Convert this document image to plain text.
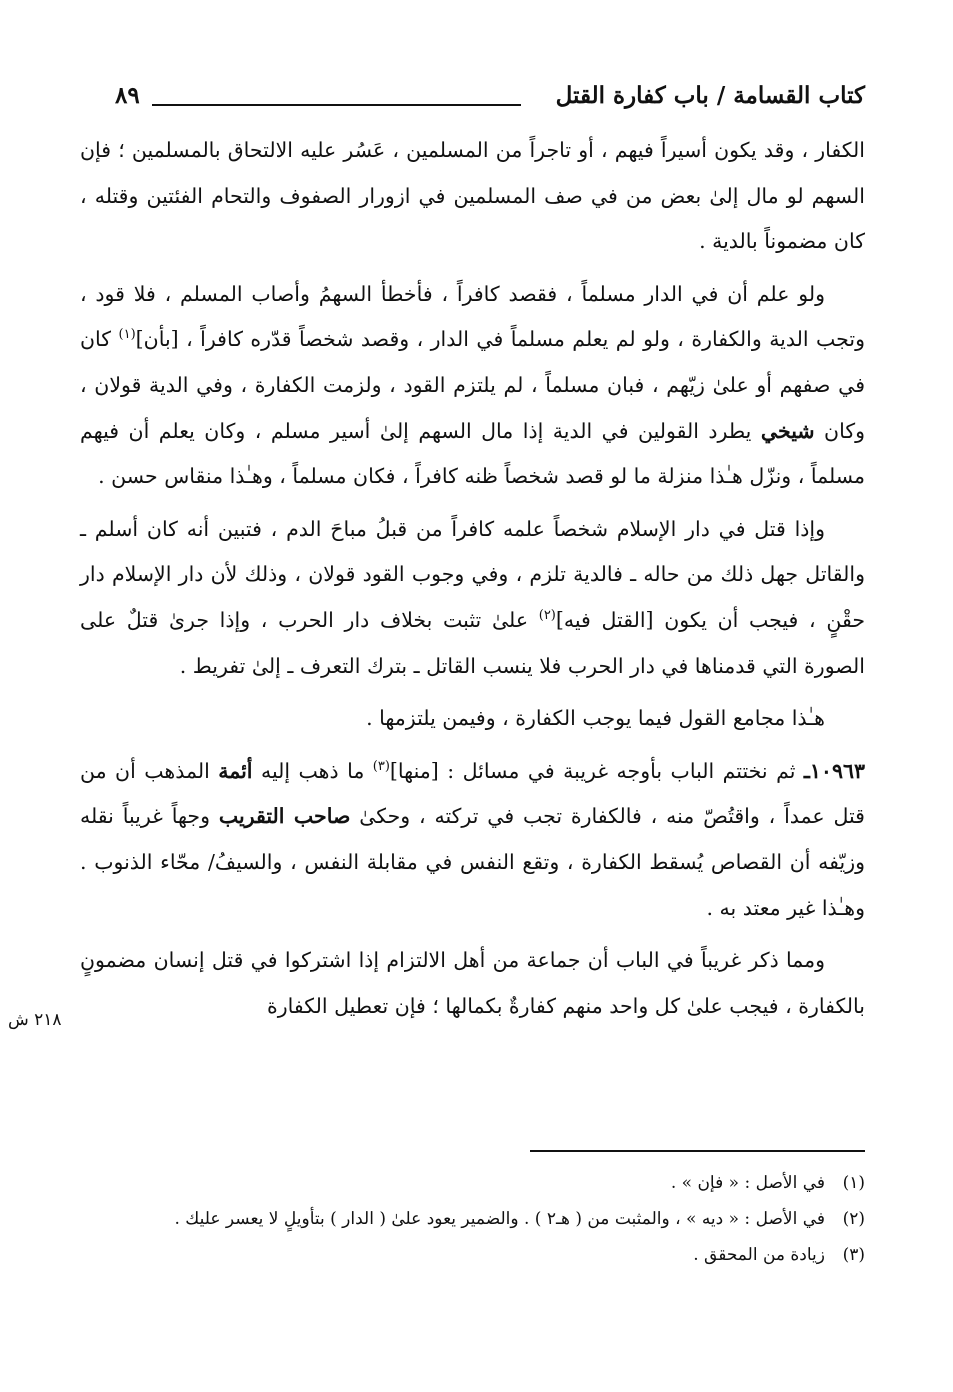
كتاب القسامة / باب كفارة القتل
٨٩

الكفار ، وقد يكون أسيراً فيهم ، أو تاجراً من المسلمين ، عَسُر عليه الالتحاق بالمسلمين ؛ فإن السهم لو مال إلىٰ بعض من في صف المسلمين في ازورار الصفوف والتحام الفئتين وقتله ، كان مضموناً بالدية .

ولو علم أن في الدار مسلماً ، فقصد كافراً ، فأخطأ السهمُ وأصاب المسلم ، فلا قود ، وتجب الدية والكفارة ، ولو لم يعلم مسلماً في الدار ، وقصد شخصاً قدّره كافراً ، [بأن]$^{(١)}$ كان في صفهم أو علىٰ زيّهم ، فبان مسلماً ، لم يلتزم القود ، ولزمت الكفارة ، وفي الدية قولان ، وكان شيخي يطرد القولين في الدية إذا مال السهم إلىٰ أسير مسلم ، وكان يعلم أن فيهم مسلماً ، ونزّل هـٰذا منزلة ما لو قصد شخصاً ظنه كافراً ، فكان مسلماً ، وهـٰذا منقاس حسن .

وإذا قتل في دار الإسلام شخصاً علمه كافراً من قبلُ مباحَ الدم ، فتبين أنه كان أسلم ـ والقاتل جهل ذلك من حاله ـ فالدية تلزم ، وفي وجوب القود قولان ، وذلك لأن دار الإسلام دار حقْنٍ ، فيجب أن يكون [القتل فيه]$^{(٢)}$ علىٰ تثبت بخلاف دار الحرب ، وإذا جرىٰ قتلٌ على الصورة التي قدمناها في دار الحرب فلا ينسب القاتل ـ بترك التعرف ـ إلىٰ تفريط .

هـٰذا مجامع القول فيما يوجب الكفارة ، وفيمن يلتزمها .

١٠٩٦٣ـ ثم نختتم الباب بأوجه غريبة في مسائل : [منها]$^{(٣)}$ ما ذهب إليه أئمة المذهب أن من قتل عمداً ، واقتُصّ منه ، فالكفارة تجب في تركته ، وحكىٰ صاحب التقريب وجهاً غريباً نقله وزيّفه أن القصاص يُسقط الكفارة ، وتقع النفس في مقابلة النفس ، والسيفُ/ محّاء الذنوب . وهـٰذا غير معتد به .

ومما ذكر غريباً في الباب أن جماعة من أهل الالتزام إذا اشتركوا في قتل إنسان مضمونٍ بالكفارة ، فيجب علىٰ كل واحد منهم كفارةٌ بكمالها ؛ فإن تعطيل الكفارة

٢١٨ ش
(١)
في الأصل : « فإن » .
(٢)
في الأصل : « ديه » ، والمثبت من ( هـ٢ ) . والضمير يعود علىٰ ( الدار ) بتأويلٍ لا يعسر عليك .
(٣)
زيادة من المحقق .
